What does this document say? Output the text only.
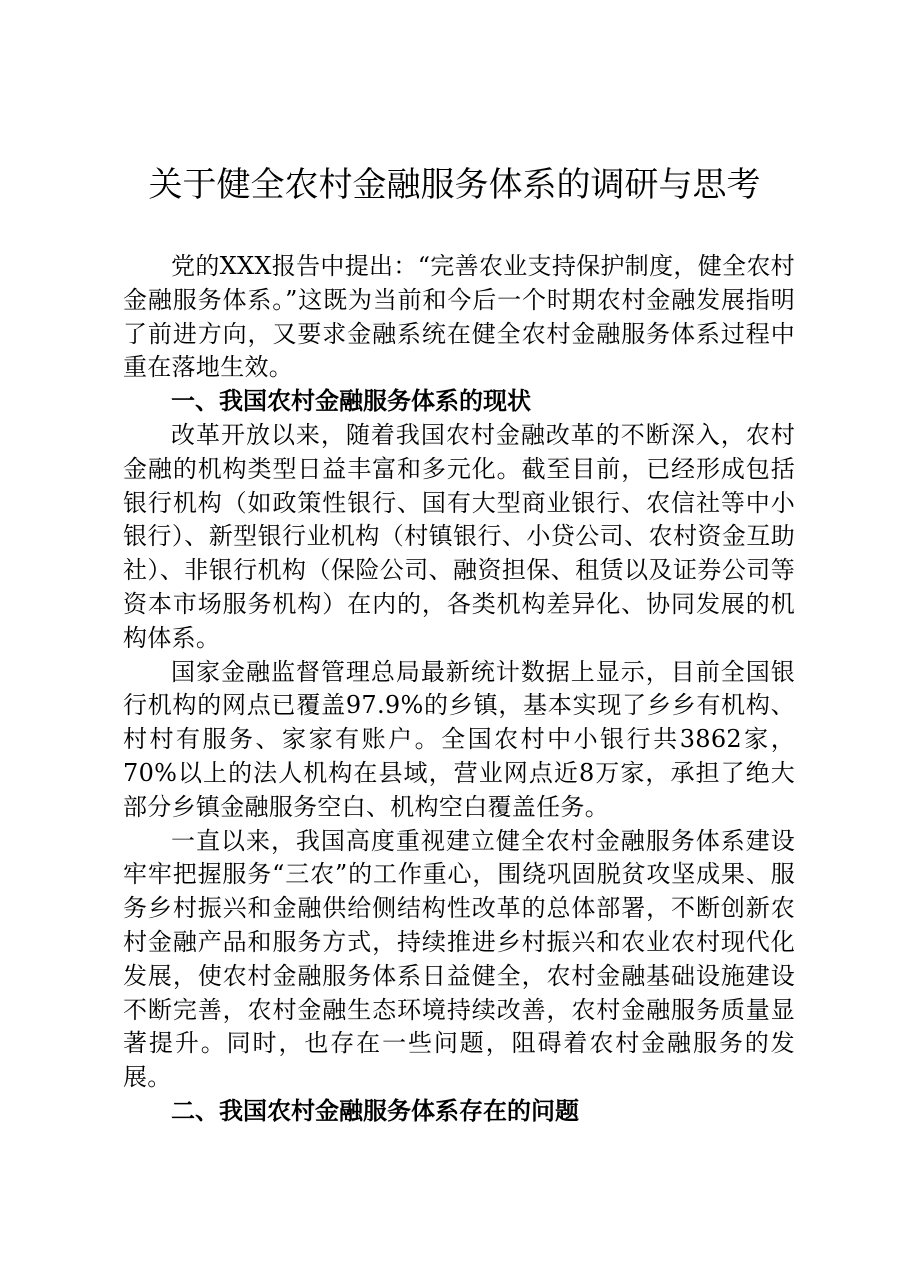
关于健全农村金融服务体系的调研与思考

党的XXX报告中提出：“完善农业支持保护制度，健全农村金融服务体系。”这既为当前和今后一个时期农村金融发展指明了前进方向，又要求金融系统在健全农村金融服务体系过程中重在落地生效。

一、我国农村金融服务体系的现状

改革开放以来，随着我国农村金融改革的不断深入，农村金融的机构类型日益丰富和多元化。截至目前，已经形成包括银行机构（如政策性银行、国有大型商业银行、农信社等中小银行）、新型银行业机构（村镇银行、小贷公司、农村资金互助社）、非银行机构（保险公司、融资担保、租赁以及证券公司等资本市场服务机构）在内的，各类机构差异化、协同发展的机构体系。

国家金融监督管理总局最新统计数据上显示，目前全国银行机构的网点已覆盖97.9%的乡镇，基本实现了乡乡有机构、村村有服务、家家有账户。全国农村中小银行共3862家，70%以上的法人机构在县域，营业网点近8万家，承担了绝大部分乡镇金融服务空白、机构空白覆盖任务。

一直以来，我国高度重视建立健全农村金融服务体系建设牢牢把握服务“三农”的工作重心，围绕巩固脱贫攻坚成果、服务乡村振兴和金融供给侧结构性改革的总体部署，不断创新农村金融产品和服务方式，持续推进乡村振兴和农业农村现代化发展，使农村金融服务体系日益健全，农村金融基础设施建设不断完善，农村金融生态环境持续改善，农村金融服务质量显著提升。同时，也存在一些问题，阻碍着农村金融服务的发展。

二、我国农村金融服务体系存在的问题
